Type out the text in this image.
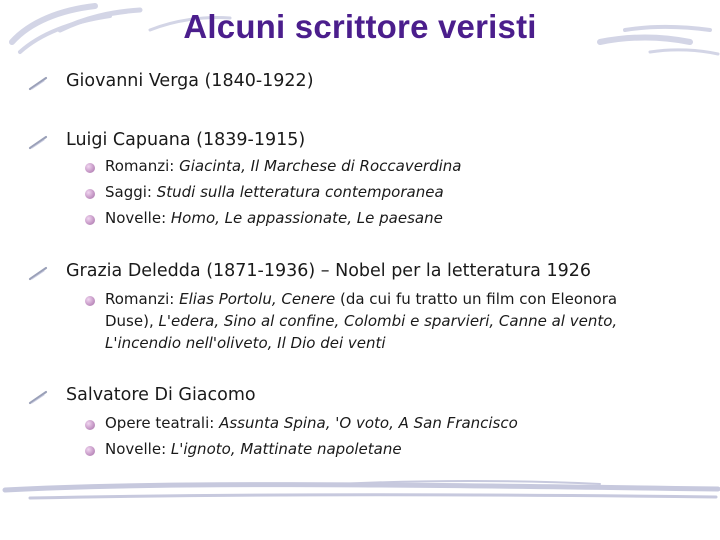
Alcuni scrittore veristi
Giovanni Verga (1840-1922)
Luigi Capuana (1839-1915)
Romanzi: Giacinta, Il Marchese di Roccaverdina
Saggi: Studi sulla letteratura contemporanea
Novelle: Homo, Le appassionate, Le paesane
Grazia Deledda (1871-1936) – Nobel per la letteratura 1926
Romanzi: Elias Portolu, Cenere (da cui fu tratto un film con Eleonora Duse), L'edera, Sino al confine, Colombi e sparvieri, Canne al vento, L'incendio nell'oliveto, Il Dio dei venti
Salvatore Di Giacomo
Opere teatrali: Assunta Spina, 'O voto, A San Francisco
Novelle: L'ignoto, Mattinate napoletane
